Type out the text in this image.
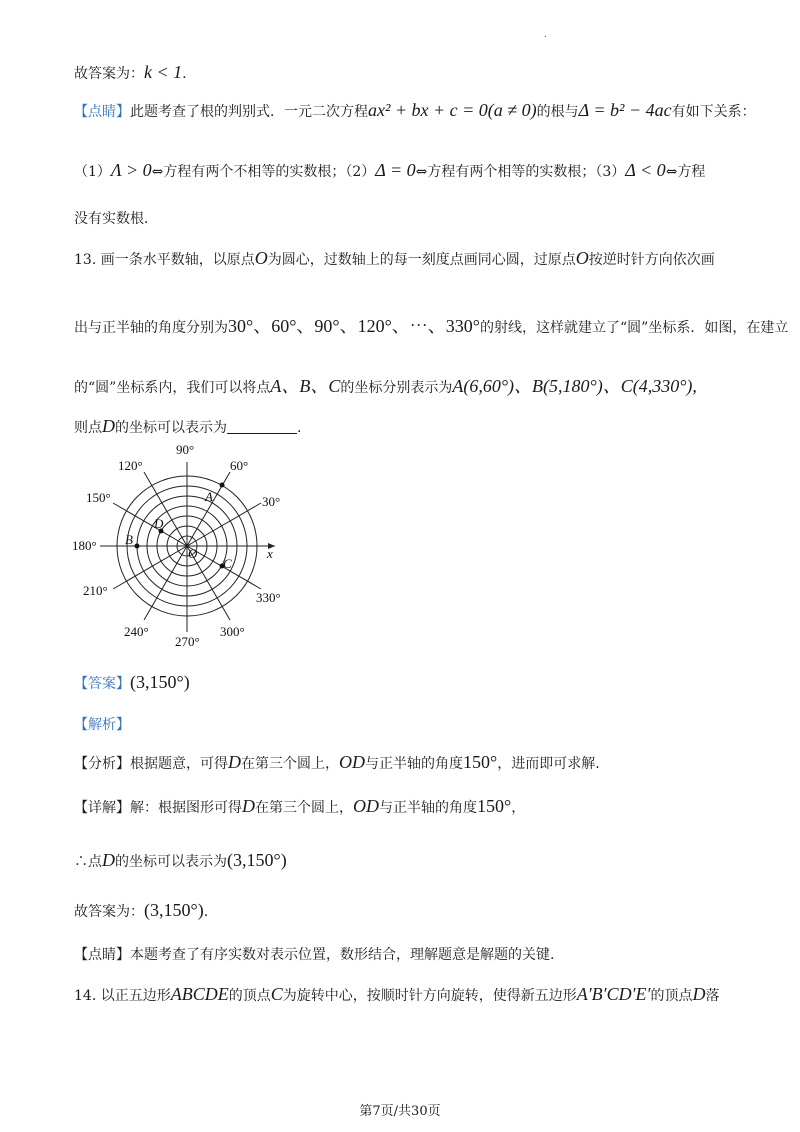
.
故答案为：k < 1.
【点睛】此题考查了根的判别式．一元二次方程ax² + bx + c = 0(a ≠ 0)的根与Δ = b² − 4ac有如下关系：
（1）Λ > 0⇔方程有两个不相等的实数根；（2）Δ = 0⇔方程有两个相等的实数根；（3）Δ < 0⇔方程
没有实数根．
13. 画一条水平数轴，以原点O为圆心，过数轴上的每一刻度点画同心圆，过原点O按逆时针方向依次画
出与正半轴的角度分别为30°、60°、90°、120°、⋯、330°的射线，这样就建立了“圆”坐标系．如图，在建立
的“圆”坐标系内，我们可以将点A、B、C的坐标分别表示为A(6,60°)、B(5,180°)、C(4,330°),
则点D的坐标可以表示为	.
90°
120°	60°
150°	30°
180°
210°	330°
240°
270°
300°
A
B
C
D
O	x
【答案】(3,150°)
【解析】
【分析】根据题意，可得D在第三个圆上，OD与正半轴的角度150°，进而即可求解.
【详解】解：根据图形可得D在第三个圆上，OD与正半轴的角度150°，
∴点D的坐标可以表示为(3,150°)
故答案为：(3,150°).
【点睛】本题考查了有序实数对表示位置，数形结合，理解题意是解题的关键.
14. 以正五边形ABCDE的顶点C为旋转中心，按顺时针方向旋转，使得新五边形A′B′CD′E′的顶点D落
第7页/共30页
